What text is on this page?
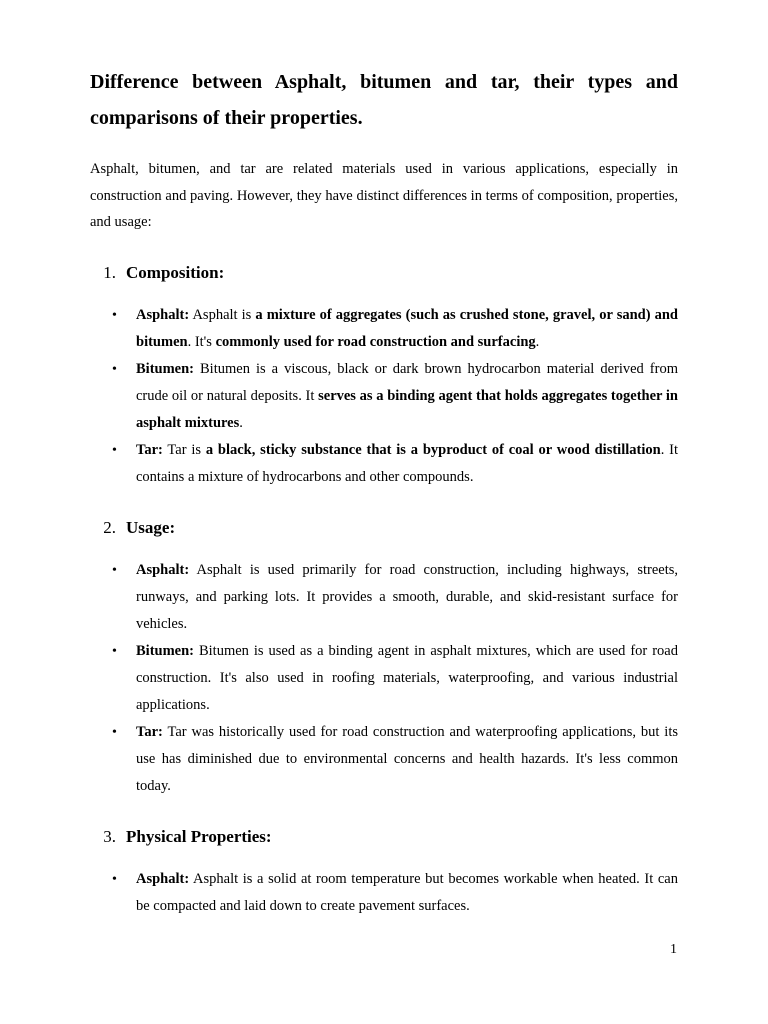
Difference between Asphalt, bitumen and tar, their types and comparisons of their properties.

Asphalt, bitumen, and tar are related materials used in various applications, especially in construction and paving. However, they have distinct differences in terms of composition, properties, and usage:

1. Composition:
• Asphalt: Asphalt is a mixture of aggregates (such as crushed stone, gravel, or sand) and bitumen. It's commonly used for road construction and surfacing.
• Bitumen: Bitumen is a viscous, black or dark brown hydrocarbon material derived from crude oil or natural deposits. It serves as a binding agent that holds aggregates together in asphalt mixtures.
• Tar: Tar is a black, sticky substance that is a byproduct of coal or wood distillation. It contains a mixture of hydrocarbons and other compounds.
2. Usage:
• Asphalt: Asphalt is used primarily for road construction, including highways, streets, runways, and parking lots. It provides a smooth, durable, and skid-resistant surface for vehicles.
• Bitumen: Bitumen is used as a binding agent in asphalt mixtures, which are used for road construction. It's also used in roofing materials, waterproofing, and various industrial applications.
• Tar: Tar was historically used for road construction and waterproofing applications, but its use has diminished due to environmental concerns and health hazards. It's less common today.
3. Physical Properties:
• Asphalt: Asphalt is a solid at room temperature but becomes workable when heated. It can be compacted and laid down to create pavement surfaces.
1
